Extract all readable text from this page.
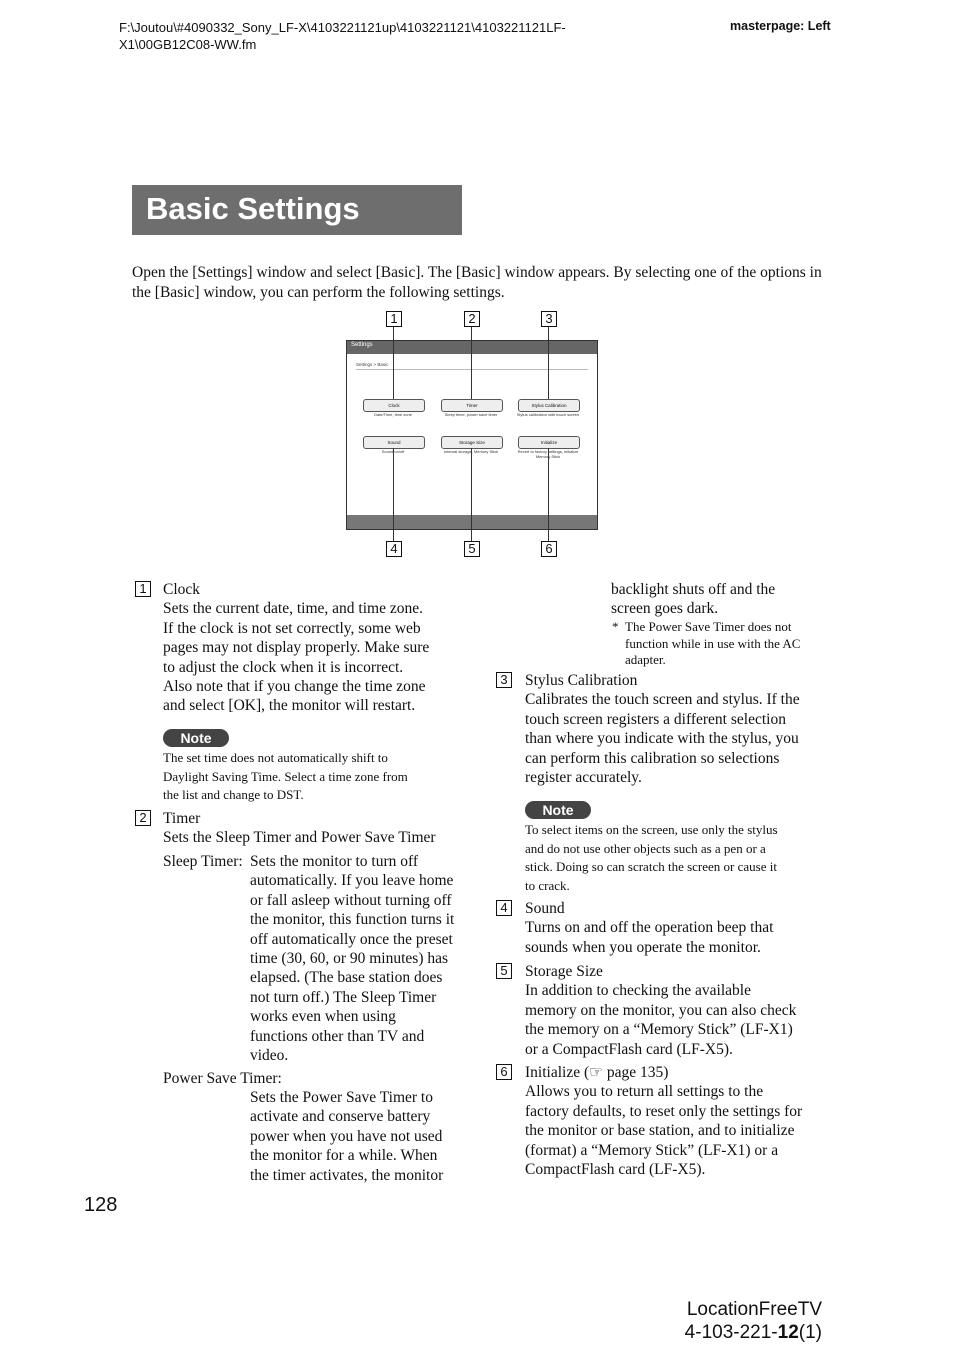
F:\Joutou\#4090332_Sony_LF-X\4103221121up\4103221121\4103221121LF-
X1\00GB12C08-WW.fm
masterpage: Left
Basic Settings
Open the [Settings] window and select [Basic]. The [Basic] window appears. By selecting one of the options in the [Basic] window, you can perform the following settings.
1	2	3
4	5	6
Settings
Settings > Basic
Clock
Date/Time, time zone
Timer
Sleep timer, power save timer
Stylus Calibration
Stylus calibration with touch screen
Sound
Sound on/off
Storage Size
Internal storage, Memory Stick
Initialize
Revert to factory settings, initialize Memory Stick
1 Clock
Sets the current date, time, and time zone.
If the clock is not set correctly, some web
pages may not display properly. Make sure
to adjust the clock when it is incorrect.
Also note that if you change the time zone
and select [OK], the monitor will restart.
Note
The set time does not automatically shift to
Daylight Saving Time. Select a time zone from
the list and change to DST.
2 Timer
Sets the Sleep Timer and Power Save Timer
Sleep Timer: Sets the monitor to turn off
automatically. If you leave home
or fall asleep without turning off
the monitor, this function turns it
off automatically once the preset
time (30, 60, or 90 minutes) has
elapsed. (The base station does
not turn off.) The Sleep Timer
works even when using
functions other than TV and
video.
Power Save Timer:
Sets the Power Save Timer to
activate and conserve battery
power when you have not used
the monitor for a while. When
the timer activates, the monitor
backlight shuts off and the
screen goes dark.
* The Power Save Timer does not
function while in use with the AC
adapter.
3 Stylus Calibration
Calibrates the touch screen and stylus. If the
touch screen registers a different selection
than where you indicate with the stylus, you
can perform this calibration so selections
register accurately.
Note
To select items on the screen, use only the stylus
and do not use other objects such as a pen or a
stick. Doing so can scratch the screen or cause it
to crack.
4 Sound
Turns on and off the operation beep that
sounds when you operate the monitor.
5 Storage Size
In addition to checking the available
memory on the monitor, you can also check
the memory on a “Memory Stick” (LF-X1)
or a CompactFlash card (LF-X5).
6 Initialize (☞ page 135)
Allows you to return all settings to the
factory defaults, to reset only the settings for
the monitor or base station, and to initialize
(format) a “Memory Stick” (LF-X1) or a
CompactFlash card (LF-X5).
128
LocationFreeTV
4-103-221-12(1)
